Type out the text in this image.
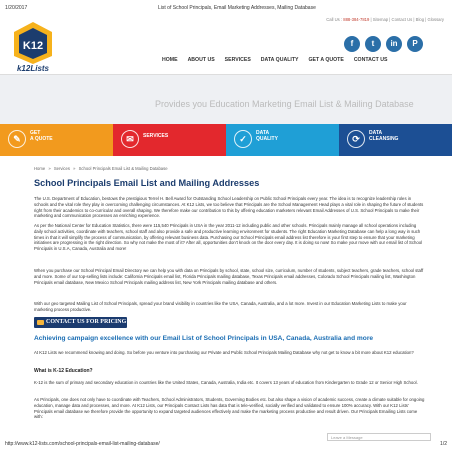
1/20/2017	List of School Principals, Email Marketing Addresses, Mailing Database
Call Us : 888-384-7819 | Sitemap | Contact Us | Blog | Glossary
K12
k12Lists
f	t	in	P
HOME ABOUT US SERVICES DATA QUALITY GET A QUOTE CONTACT US
Provides you Education Marketing Email List & Mailing Database
✎
GET
A QUOTE	✉	SERVICES	✓
DATA
QUALITY	⟳
DATA
CLEANSING
Home » Services » School Principals Email List & Mailing Database
School Principals Email List and Mailing Addresses

The U.S. Department of Education, bestows the prestigious Terrel H. Bell Award for Outstanding School Leadership on Public School Principals every year. The idea is to recognize leadership roles in schools and the vital role they play in overcoming challenging circumstances. At K12 Lists, we too believe that Principals are the School Management Head plays a vital role in shaping the future of students right from their academics to co-curricular and overall shaping. We therefore make our contribution to this by offering education marketers relevant Email Addresses of U.S. School Principals to make their marketing and communication processes an enriching experience.

As per the National Center for Education Statistics, there were 115,540 Principals in USA in the year 2011-12 including public and other schools. Principals mainly manage all school operations including daily school activities, coordinate with teachers, school staff and also provide a safe and productive learning environment for students. The right Education Marketing Database can help a long way in such times in that it will simplify the process of communication, by offering relevant business data. Purchasing our School Principals email address list therefore is your first step to ensure that your marketing initiatives are progressing in the right direction. So why not make the most of it? After all, opportunities don't knock on the door every day. It is doing so now! So make your move with our email list of School Principals in U.S.A, Canada, Australia and more!

When you purchase our School Principal Email Directory we can help you with data on Principals by school, state, school size, curriculum, number of students, subject teachers, grade teachers, school staff and more. Some of our top-selling lists include: California Principals email list, Florida Principals mailing database, Texas Principals email addresses, Colorado School Principals mailing list, Washington Principals email database, New Mexico School Principals mailing address list, New York Principals mailing database and others.

With our geo targeted Mailing List of School Principals, spread your brand visibility in countries like the USA, Canada, Australia, and a lot more. Invest in our Education Marketing Lists to make your marketing process productive.

CONTACT US FOR PRICING
Achieving campaign excellence with our Email List of School Principals in USA, Canada, Australia and more

At K12 Lists we recommend knowing and doing. So before you venture into purchasing our Private and Public School Principals Mailing Database why not get to know a bit more about K12 education?

What is K-12 Education?

K-12 is the sum of primary and secondary education in countries like the United States, Canada, Australia, India etc. It covers 13 years of education from Kindergarten to Grade 12 or Senior High School.

As Principals, one does not only have to coordinate with Teachers, School Administrators, Students, Governing Bodies etc. but also shape a vision of academic success, create a climate suitable for ongoing education, manage data and processes, and more. At K12 Lists, our Principals Contact Lists has data that is tele-verified, socially verified and validated to ensure 100% accuracy. With our K12 Lists' Principals email database we therefore provide the opportunity to expand targeted audiences effectively and make the marketing process productive and result driven. Our Principals Emailing Lists come with:

Leave a Message
http://www.k12-lists.com/school-principals-email-list-mailing-database/	1/2
